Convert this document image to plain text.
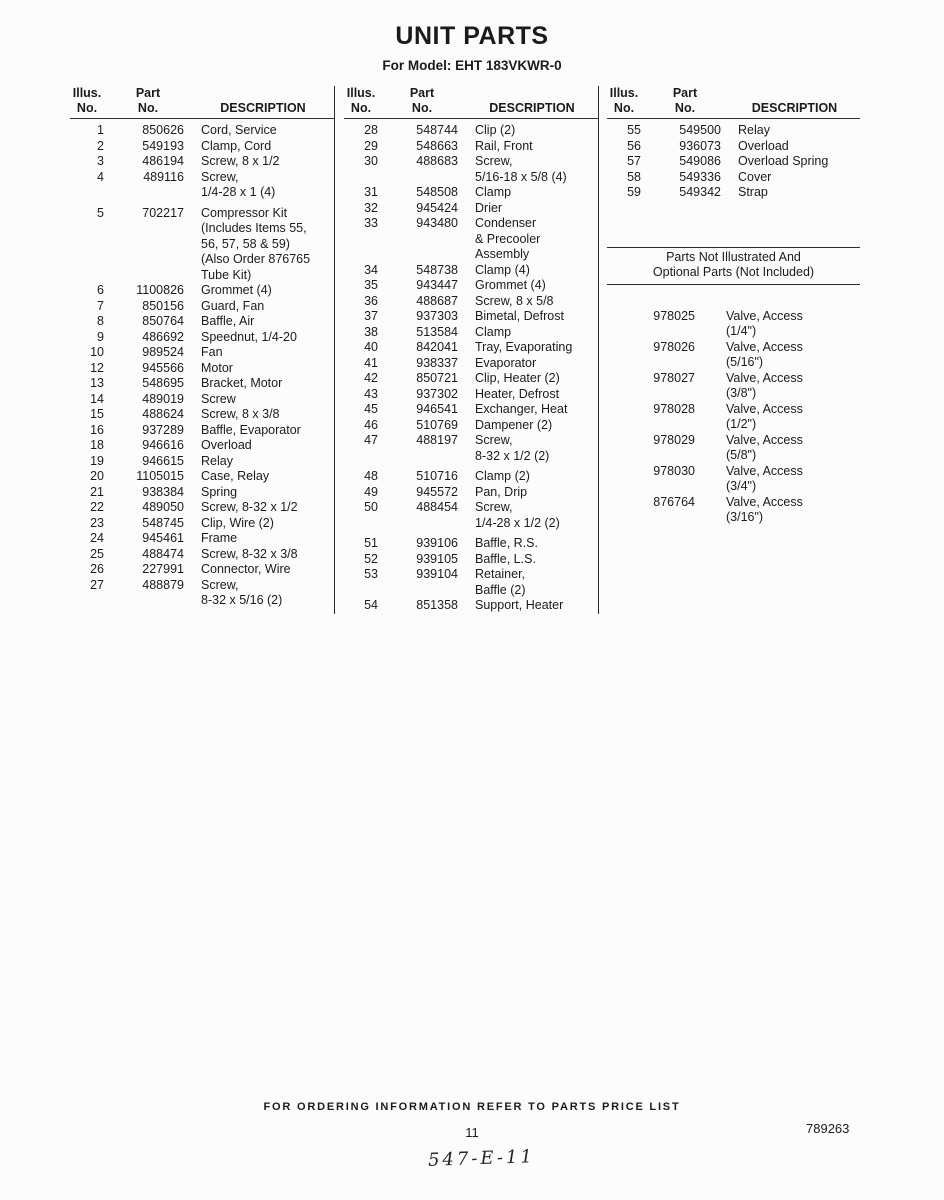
UNIT PARTS
For Model: EHT 183VKWR-0
Illus.
No.
Part
No.	DESCRIPTION
1	850626 Cord, Service
2	549193 Clamp, Cord
3	486194 Screw, 8 x 1/2
4	489116 Screw,
1/4-28 x 1 (4)
5	702217 Compressor Kit
(Includes Items 55,
56, 57, 58 & 59)
(Also Order 876765
Tube Kit)
6	1100826 Grommet (4)
7	850156 Guard, Fan
8	850764 Baffle, Air
9	486692 Speednut, 1/4-20
10	989524 Fan
12	945566 Motor
13	548695 Bracket, Motor
14	489019 Screw
15	488624 Screw, 8 x 3/8
16	937289 Baffle, Evaporator
18	946616 Overload
19	946615 Relay
20	1105015 Case, Relay
21	938384 Spring
22	489050 Screw, 8-32 x 1/2
23	548745 Clip, Wire (2)
24	945461 Frame
25	488474 Screw, 8-32 x 3/8
26	227991 Connector, Wire
27	488879 Screw,
8-32 x 5/16 (2)
Illus.
No.
Part
No.	DESCRIPTION
28	548744 Clip (2)
29	548663 Rail, Front
30	488683 Screw,
5/16-18 x 5/8 (4)
31	548508 Clamp
32	945424 Drier
33	943480 Condenser
& Precooler
Assembly
34	548738 Clamp (4)
35	943447 Grommet (4)
36	488687 Screw, 8 x 5/8
37	937303 Bimetal, Defrost
38	513584 Clamp
40	842041 Tray, Evaporating
41	938337 Evaporator
42	850721 Clip, Heater (2)
43	937302 Heater, Defrost
45	946541 Exchanger, Heat
46	510769 Dampener (2)
47	488197 Screw,
8-32 x 1/2 (2)
48	510716 Clamp (2)
49	945572 Pan, Drip
50	488454 Screw,
1/4-28 x 1/2 (2)
51	939106 Baffle, R.S.
52	939105 Baffle, L.S.
53	939104 Retainer,
Baffle (2)
54	851358 Support, Heater
Illus.
No.
Part
No.	DESCRIPTION
55	549500 Relay
56	936073 Overload
57	549086 Overload Spring
58	549336 Cover
59	549342 Strap
Parts Not Illustrated And
Optional Parts (Not Included)
978025 Valve, Access
(1/4")
978026 Valve, Access
(5/16")
978027 Valve, Access
(3/8")
978028 Valve, Access
(1/2")
978029 Valve, Access
(5/8")
978030 Valve, Access
(3/4")
876764 Valve, Access
(3/16")
FOR ORDERING INFORMATION REFER TO PARTS PRICE LIST
11	789263
547-E-11
